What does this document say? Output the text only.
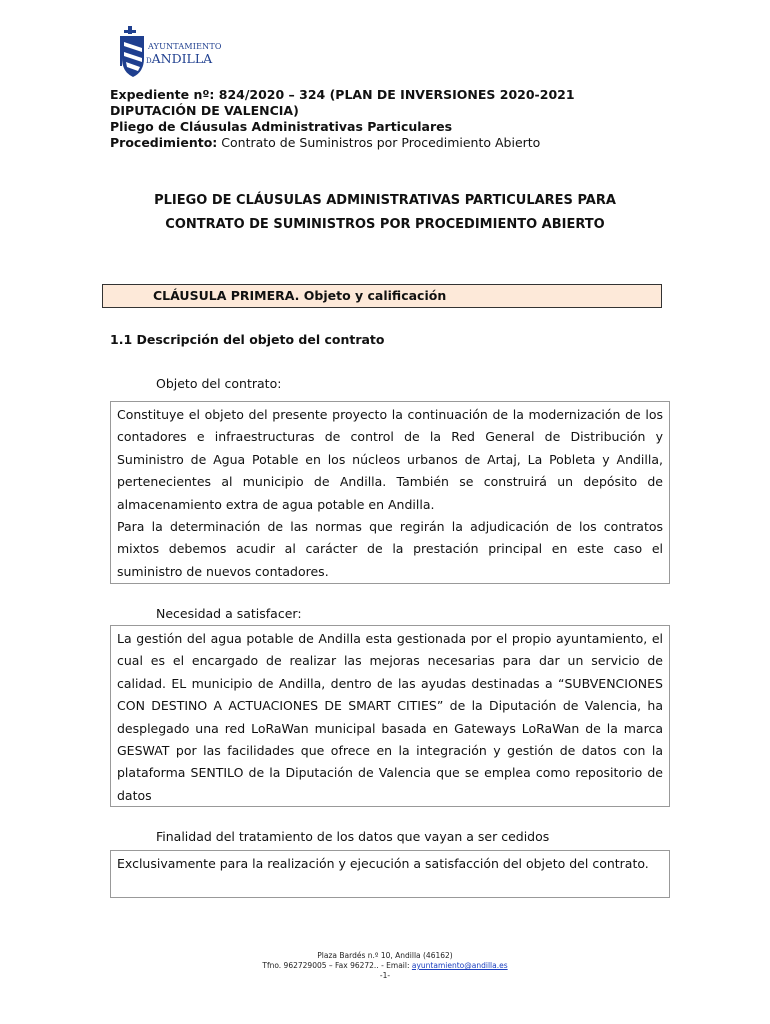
AYUNTAMIENTO
DANDILLA
Expediente nº: 824/2020 – 324 (PLAN DE INVERSIONES 2020-2021
DIPUTACIÓN DE VALENCIA)
Pliego de Cláusulas Administrativas Particulares
Procedimiento: Contrato de Suministros por Procedimiento Abierto
PLIEGO DE CLÁUSULAS ADMINISTRATIVAS PARTICULARES PARA
CONTRATO DE SUMINISTROS POR PROCEDIMIENTO ABIERTO
CLÁUSULA PRIMERA. Objeto y calificación
1.1 Descripción del objeto del contrato
Objeto del contrato:

Constituye el objeto del presente proyecto la continuación de la modernización de los contadores e infraestructuras de control de la Red General de Distribución y Suministro de Agua Potable en los núcleos urbanos de Artaj, La Pobleta y Andilla, pertenecientes al municipio de Andilla. También se construirá un depósito de almacenamiento extra de agua potable en Andilla.

Para la determinación de las normas que regirán la adjudicación de los contratos mixtos debemos acudir al carácter de la prestación principal en este caso el suministro de nuevos contadores.

Necesidad a satisfacer:

La gestión del agua potable de Andilla esta gestionada por el propio ayuntamiento, el cual es el encargado de realizar las mejoras necesarias para dar un servicio de calidad. EL municipio de Andilla, dentro de las ayudas destinadas a “SUBVENCIONES CON DESTINO A ACTUACIONES DE SMART CITIES” de la Diputación de Valencia, ha desplegado una red LoRaWan municipal basada en Gateways LoRaWan de la marca GESWAT por las facilidades que ofrece en la integración y gestión de datos con la plataforma SENTILO de la Diputación de Valencia que se emplea como repositorio de datos

Finalidad del tratamiento de los datos que vayan a ser cedidos

Exclusivamente para la realización y ejecución a satisfacción del objeto del contrato.

Plaza Bardés n.º 10, Andilla (46162)
Tfno. 962729005 – Fax 96272.. - Email: ayuntamiento@andilla.es
-1-
